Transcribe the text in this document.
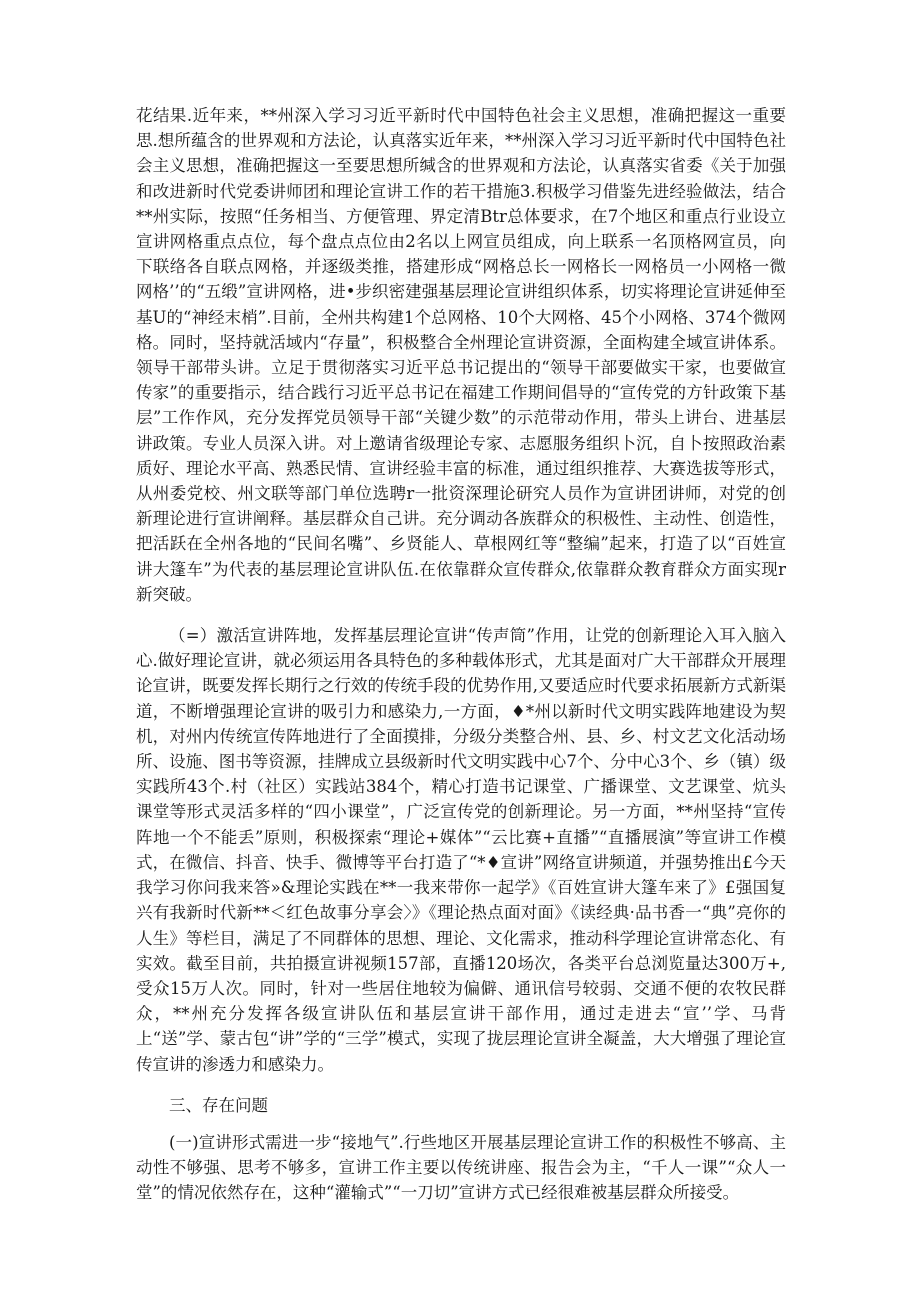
花结果.近年来，**州深入学习习近平新时代中国特色社会主义思想，准确把握这一重要思.想所蕴含的世界观和方法论，认真落实近年来，**州深入学习习近平新时代中国特色社会主义思想，准确把握这一至要思想所缄含的世界观和方法论，认真落实省委《关于加强和改进新时代党委讲师团和理论宣讲工作的若干措施3.积极学习借鉴先进经验做法，结合**州实际，按照“任务相当、方便管理、界定清Btr总体要求，在7个地区和重点行业设立宣讲网格重点点位，每个盘点点位由2名以上网宣员组成，向上联系一名顶格网宣员，向下联络各自联点网格，并逐级类推，搭建形成“网格总长一网格长一网格员一小网格一微网格’’的“五缎”宣讲网格，进•步织密建强基层理论宣讲组织体系，切实将理论宣讲延伸至基U的“神经末梢”.目前，全州共构建1个总网格、10个大网格、45个小网格、374个微网格。同时，坚持就活域内“存量”，积极整合全州理论宣讲资源，全面构建全域宣讲体系。领导干部带头讲。立足于贯彻落实习近平总书记提出的“领导干部要做实干家，也要做宣传家”的重要指示，结合践行习近平总书记在福建工作期间倡导的“宣传党的方针政策下基层”工作作风，充分发挥党员领导干部“关键少数”的示范带动作用，带头上讲台、进基层讲政策。专业人员深入讲。对上邀请省级理论专家、志愿服务组织卜沉，自卜按照政治素质好、理论水平高、熟悉民情、宣讲经验丰富的标准，通过组织推荐、大赛选拔等形式，从州委党校、州文联等部门单位选聘r一批资深理论研究人员作为宣讲团讲师，对党的创新理论进行宣讲阐释。基层群众自己讲。充分调动各族群众的积极性、主动性、创造性，把活跃在全州各地的“民间名嘴”、乡贤能人、草根网红等“整编”起来，打造了以“百姓宣讲大篷车”为代表的基层理论宣讲队伍.在依靠群众宣传群众,依靠群众教育群众方面实现r新突破。

（=）激活宣讲阵地，发挥基层理论宣讲“传声筒”作用，让党的创新理论入耳入脑入心.做好理论宣讲，就必须运用各具特色的多种载体形式，尤其是面对广大干部群众开展理论宣讲，既要发挥长期行之行效的传统手段的优势作用,又要适应时代要求拓展新方式新渠道，不断增强理论宣讲的吸引力和感染力,一方面，♦*州以新时代文明实践阵地建设为契机，对州内传统宣传阵地进行了全面摸排，分级分类整合州、县、乡、村文艺文化活动场所、设施、图书等资源，挂牌成立县级新时代文明实践中心7个、分中心3个、乡（镇）级实践所43个.村（社区）实践站384个，精心打造书记课堂、广播课堂、文艺课堂、炕头课堂等形式灵活多样的“四小课堂”，广泛宣传党的创新理论。另一方面，**州坚持“宣传阵地一个不能丢”原则，积极探索“理论+媒体”“云比赛+直播”“直播展演”等宣讲工作模式，在微信、抖音、快手、微博等平台打造了“*♦宣讲”网络宣讲频道，并强势推出£今天我学习你问我来答»&理论实践在**一我来带你一起学》《百姓宣讲大篷车来了》£强国复兴有我新时代新**＜红色故事分享会〉》《理论热点面对面》《读经典·品书香一“典”亮你的人生》等栏目，满足了不同群体的思想、理论、文化需求，推动科学理论宣讲常态化、有实效。截至目前，共拍摄宣讲视频157部，直播120场次，各类平台总浏览量达300万+,受众15万人次。同时，针对一些居住地较为偏僻、通讯信号较弱、交通不便的农牧民群众，**州充分发挥各级宣讲队伍和基层宣讲干部作用，通过走进去“宣’’学、马背上“送”学、蒙古包“讲”学的“三学”模式，实现了拢层理论宣讲全凝盖，大大增强了理论宣传宣讲的渗透力和感染力。

三、存在问题

(一)宣讲形式需进一步“接地气”.行些地区开展基层理论宣讲工作的积极性不够高、主动性不够强、思考不够多，宣讲工作主要以传统讲座、报告会为主，“千人一课”“众人一堂”的情况依然存在，这种“灌输式”“一刀切”宣讲方式已经很难被基层群众所接受。
